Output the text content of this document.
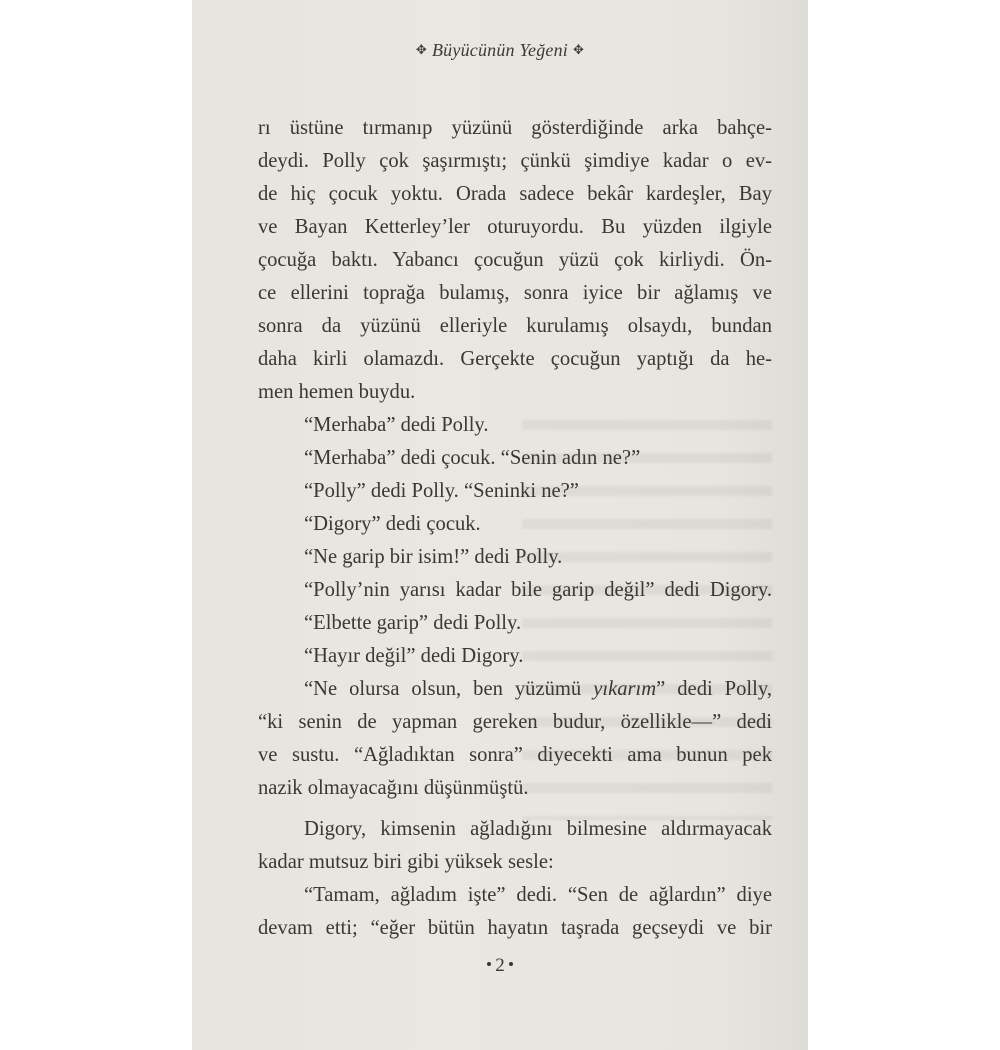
✥ Büyücünün Yeğeni ✥

rı üstüne tırmanıp yüzünü gösterdiğinde arka bahçe-
deydi. Polly çok şaşırmıştı; çünkü şimdiye kadar o ev-
de hiç çocuk yoktu. Orada sadece bekâr kardeşler, Bay
ve Bayan Ketterley’ler oturuyordu. Bu yüzden ilgiyle
çocuğa baktı. Yabancı çocuğun yüzü çok kirliydi. Ön-
ce ellerini toprağa bulamış, sonra iyice bir ağlamış ve
sonra da yüzünü elleriyle kurulamış olsaydı, bundan
daha kirli olamazdı. Gerçekte çocuğun yaptığı da he-
men hemen buydu.

“Merhaba” dedi Polly.

“Merhaba” dedi çocuk. “Senin adın ne?”

“Polly” dedi Polly. “Seninki ne?”

“Digory” dedi çocuk.

“Ne garip bir isim!” dedi Polly.

“Polly’nin yarısı kadar bile garip değil” dedi Digory.

“Elbette garip” dedi Polly.

“Hayır değil” dedi Digory.

“Ne olursa olsun, ben yüzümü yıkarım” dedi Polly,
“ki senin de yapman gereken budur, özellikle—” dedi
ve sustu. “Ağladıktan sonra” diyecekti ama bunun pek
nazik olmayacağını düşünmüştü.

Digory, kimsenin ağladığını bilmesine aldırmayacak
kadar mutsuz biri gibi yüksek sesle:

“Tamam, ağladım işte” dedi. “Sen de ağlardın” diye
devam etti; “eğer bütün hayatın taşrada geçseydi ve bir

2
